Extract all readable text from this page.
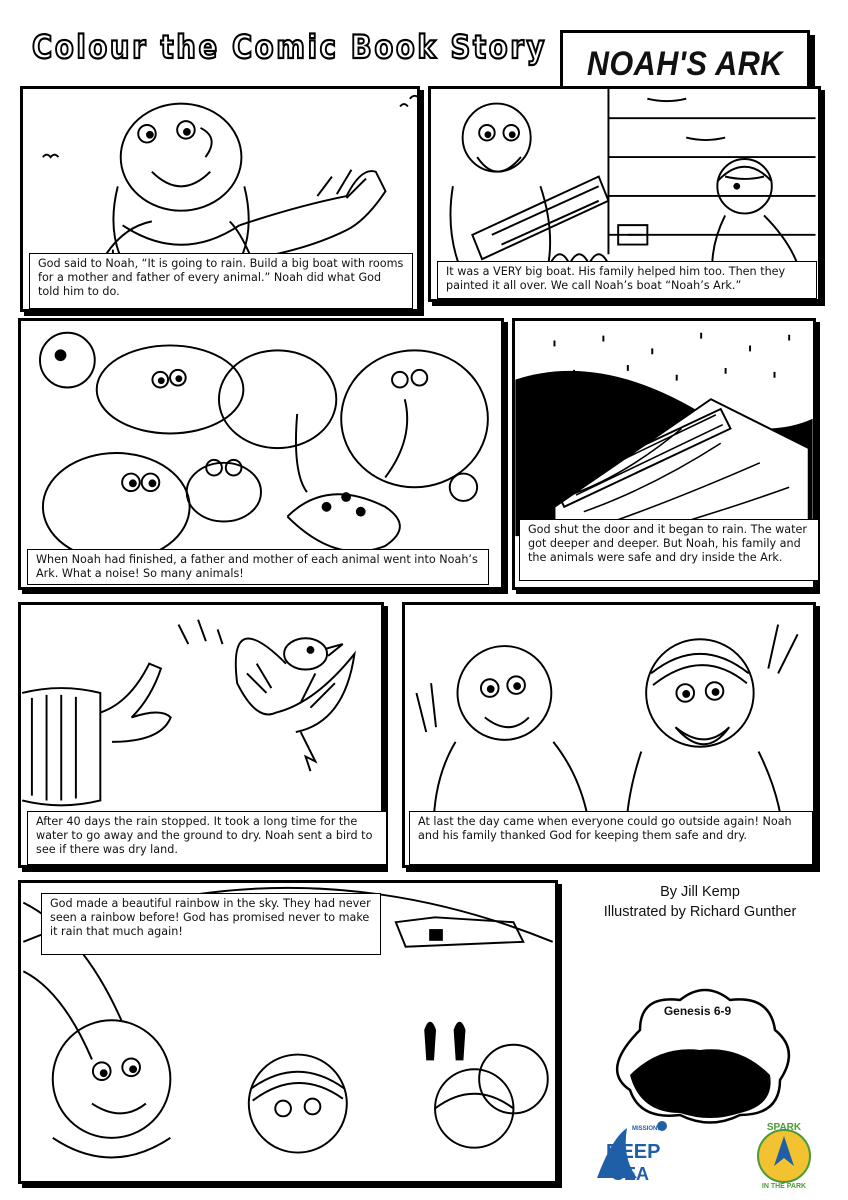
Colour the Comic Book Story NOAH'S ARK
God said to Noah, “It is going to rain. Build a big boat with rooms for a mother and father of every animal.” Noah did what God told him to do.
It was a VERY big boat. His family helped him too. Then they painted it all over. We call Noah’s boat “Noah’s Ark.”
When Noah had finished, a father and mother of each animal went into Noah’s Ark. What a noise! So many animals!
God shut the door and it began to rain. The water got deeper and deeper. But Noah, his family and the animals were safe and dry inside the Ark.
After 40 days the rain stopped. It took a long time for the water to go away and the ground to dry. Noah sent a bird to see if there was dry land.
At last the day came when everyone could go outside again! Noah and his family thanked God for keeping them safe and dry.
God made a beautiful rainbow in the sky. They had never seen a rainbow before! God has promised never to make it rain that much again!
By Jill Kemp
Illustrated by Richard Gunther
Genesis 6-9
MISSION:
DEEP
SEA
SPARK
IN THE PARK
